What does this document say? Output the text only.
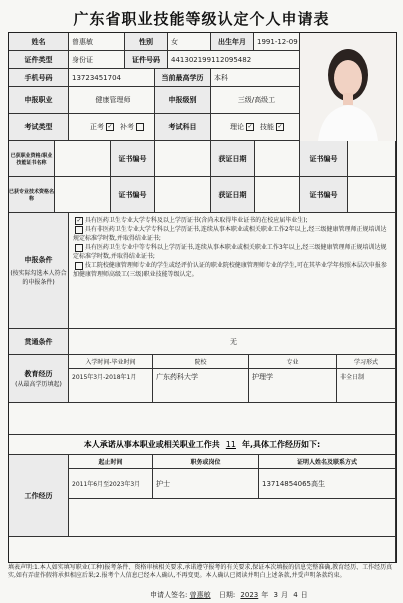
广东省职业技能等级认定个人申请表
姓名	曾惠敏	性别	女	出生年月	1991-12-09
证件类型	身份证	证件号码	441302199112095482
手机号码	13723451704	当前最高学历	本科
申报职业	健康管理师	申报级别	三级/高级工
考试类型	正考 ✓ 补考	考试科目	理论 ✓ 技能 ✓
已获职业资格/职业技能证书名称	证书编号	获证日期	证书编号
已获专业技术资格名称	证书编号	获证日期	证书编号
申报条件
(按实际勾选本人符合的申报条件)
✓ 具有医药卫生专业大学专科及以上学历证书(含尚未取得毕业证书的在校应届毕业生);
具有非医药卫生专业大学专科以上学历证书,连续从事本职业或相关职业工作2年以上,经三级健康管理师正规培训达规定标准学时数,并取得结业证书;
具有医药卫生专业中等专科以上学历证书,连续从事本职业或相关职业工作3年以上,经三级健康管理师正规培训达规定标准学时数,并取得结业证书;
技工院校健康管理师专业的学生或经评价认证的职业院校健康管理师专业的学生,可在其毕业学年按照本层次申报参加健康管理师高级工(三级)职业技能等级认定。
贯通条件	无
教育经历
(从最高学历填起)
入学时间-毕业时间	院校	专业	学习形式
2015年3月-2018年1月	广东药科大学	护理学	非全日制
本人承诺从事本职业或相关职业工作共 11 年,具体工作经历如下:
工作经历
起止时间	职务或岗位	证明人姓名及联系方式
2011年6月至2023年3月	护士	13714854065高生
填表声明:1.本人如实填写职业(工种)报考条件、资格审核相关要求,承诺遵守报考的有关要求,保证本次填报的信息完整准确,教育经历、工作经历真实,如有弄虚作假将承担相应后果;2.报考个人信息已经本人确认,不再变更。本人确认已阅读并明白上述条款,并受声明条款约束。
申请人签名: 曾惠敏 日期: 2023 年 3 月 4 日
